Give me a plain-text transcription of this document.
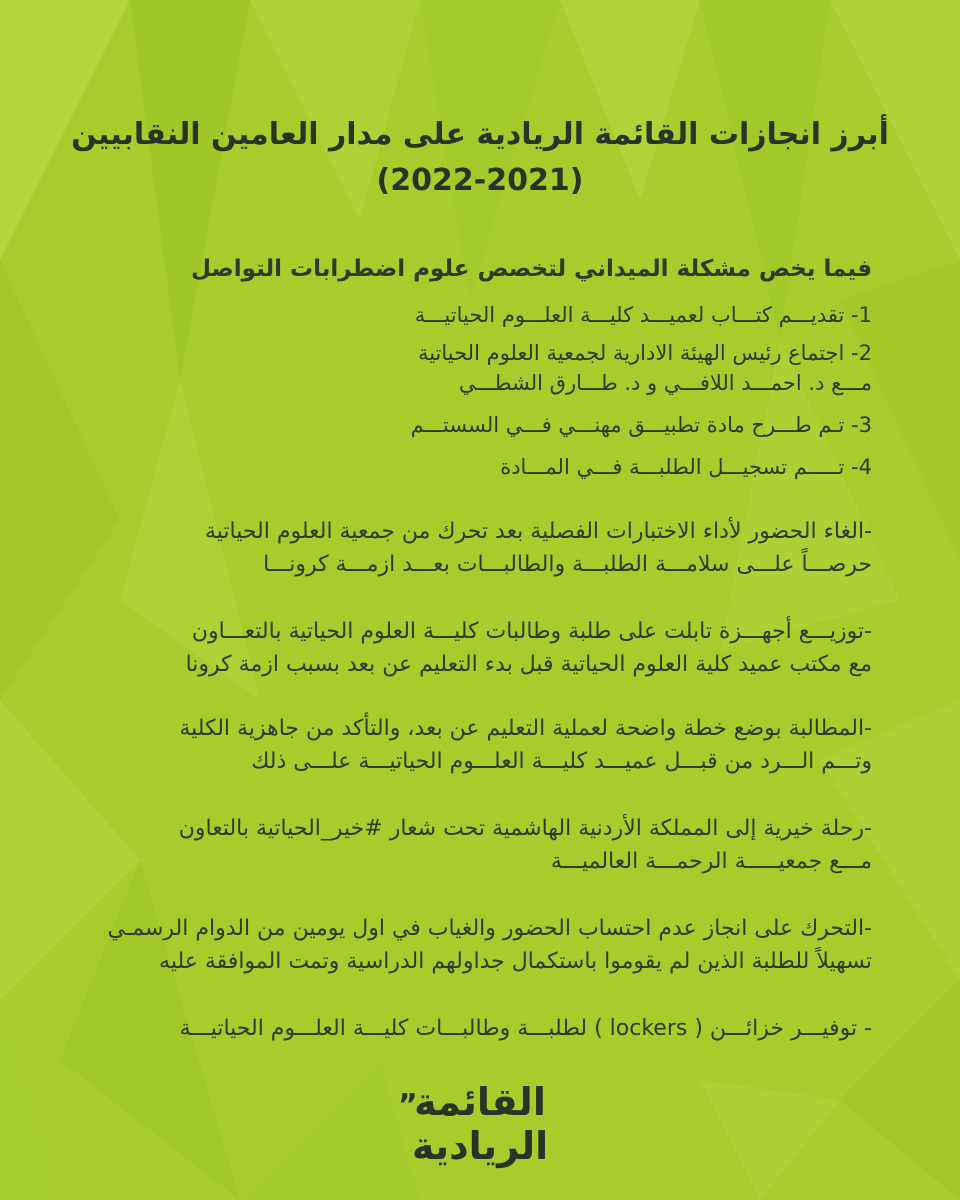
أبرز انجازات القائمة الريادية على مدار العامين النقابيين
(2022-2021)
فيما يخص مشكلة الميداني لتخصص علوم اضطرابات التواصل
1- تقديـــم كتـــاب لعميـــد كليـــة العلـــوم الحياتيـــة
2- اجتماع رئيس الهيئة الادارية لجمعية العلوم الحياتية
مـــع د. احمـــد اللافـــي و د. طـــارق الشطـــي
3- تـم طـــرح مادة تطبيـــق مهنـــي فـــي السستـــم
4- تـــــم تسجيـــل الطلبـــة فـــي المـــادة
-الغاء الحضور لأداء الاختبارات الفصلية بعد تحرك من جمعية العلوم الحياتية
حرصـــاً علـــى سلامـــة الطلبـــة والطالبـــات بعـــد ازمـــة كرونـــا
-توزيـــع أجهـــزة تابلت على طلبة وطالبات كليـــة العلوم الحياتية بالتعـــاون
مع مكتب عميد كلية العلوم الحياتية قبل بدء التعليم عن بعد بسبب ازمة كرونا
-المطالبة بوضع خطة واضحة لعملية التعليم عن بعد، والتأكد من جاهزية الكلية
وتـــم الـــرد من قبـــل عميـــد كليـــة العلـــوم الحياتيـــة علـــى ذلك
-رحلة خيرية إلى المملكة الأردنية الهاشمية تحت شعار #خير_الحياتية بالتعاون
مـــع جمعيـــــة الرحمـــة العالميـــة
-التحرك على انجاز عدم احتساب الحضور والغياب في اول يومين من الدوام الرسمـي
تسهيلاً للطلبة الذين لم يقوموا باستكمال جداولهم الدراسية وتمت الموافقة عليه
- توفيـــر خزائـــن ( lockers ) لطلبـــة وطالبـــات كليـــة العلـــوم الحياتيـــة
القائمة
الريادية
”
